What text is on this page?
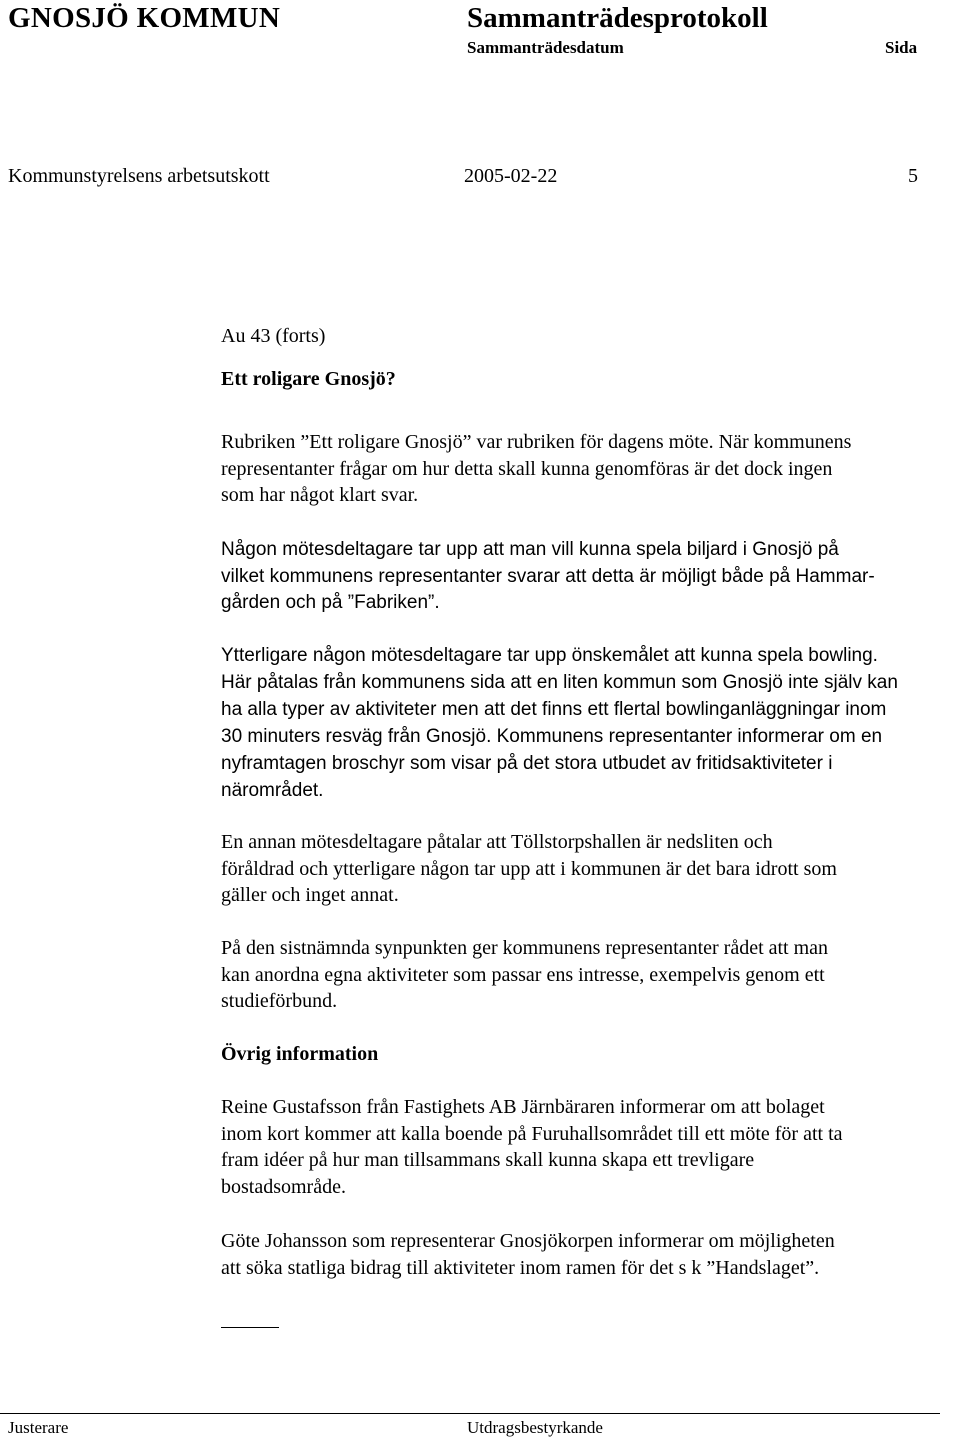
GNOSJÖ KOMMUN	Sammanträdesprotokoll
Sammanträdesdatum	Sida
Kommunstyrelsens arbetsutskott	2005-02-22	5

Au 43 (forts)

Ett roligare Gnosjö?
Rubriken ”Ett roligare Gnosjö” var rubriken för dagens möte. När kommunens
representanter frågar om hur detta skall kunna genomföras är det dock ingen
som har något klart svar.
Någon mötesdeltagare tar upp att man vill kunna spela biljard i Gnosjö på
vilket kommunens representanter svarar att detta är möjligt både på Hammar-
gården och på ”Fabriken”.
Ytterligare någon mötesdeltagare tar upp önskemålet att kunna spela bowling.
Här påtalas från kommunens sida att en liten kommun som Gnosjö inte själv kan
ha alla typer av aktiviteter men att det finns ett flertal bowlinganläggningar inom
30 minuters resväg från Gnosjö. Kommunens representanter informerar om en
nyframtagen broschyr som visar på det stora utbudet av fritidsaktiviteter i
närområdet.
En annan mötesdeltagare påtalar att Töllstorpshallen är nedsliten och
föråldrad och ytterligare någon tar upp att i kommunen är det bara idrott som
gäller och inget annat.
På den sistnämnda synpunkten ger kommunens representanter rådet att man
kan anordna egna aktiviteter som passar ens intresse, exempelvis genom ett
studieförbund.
Övrig information
Reine Gustafsson från Fastighets AB Järnbäraren informerar om att bolaget
inom kort kommer att kalla boende på Furuhallsområdet till ett möte för att ta
fram idéer på hur man tillsammans skall kunna skapa ett trevligare
bostadsområde.
Göte Johansson som representerar Gnosjökorpen informerar om möjligheten
att söka statliga bidrag till aktiviteter inom ramen för det s k ”Handslaget”.
Justerare	Utdragsbestyrkande
